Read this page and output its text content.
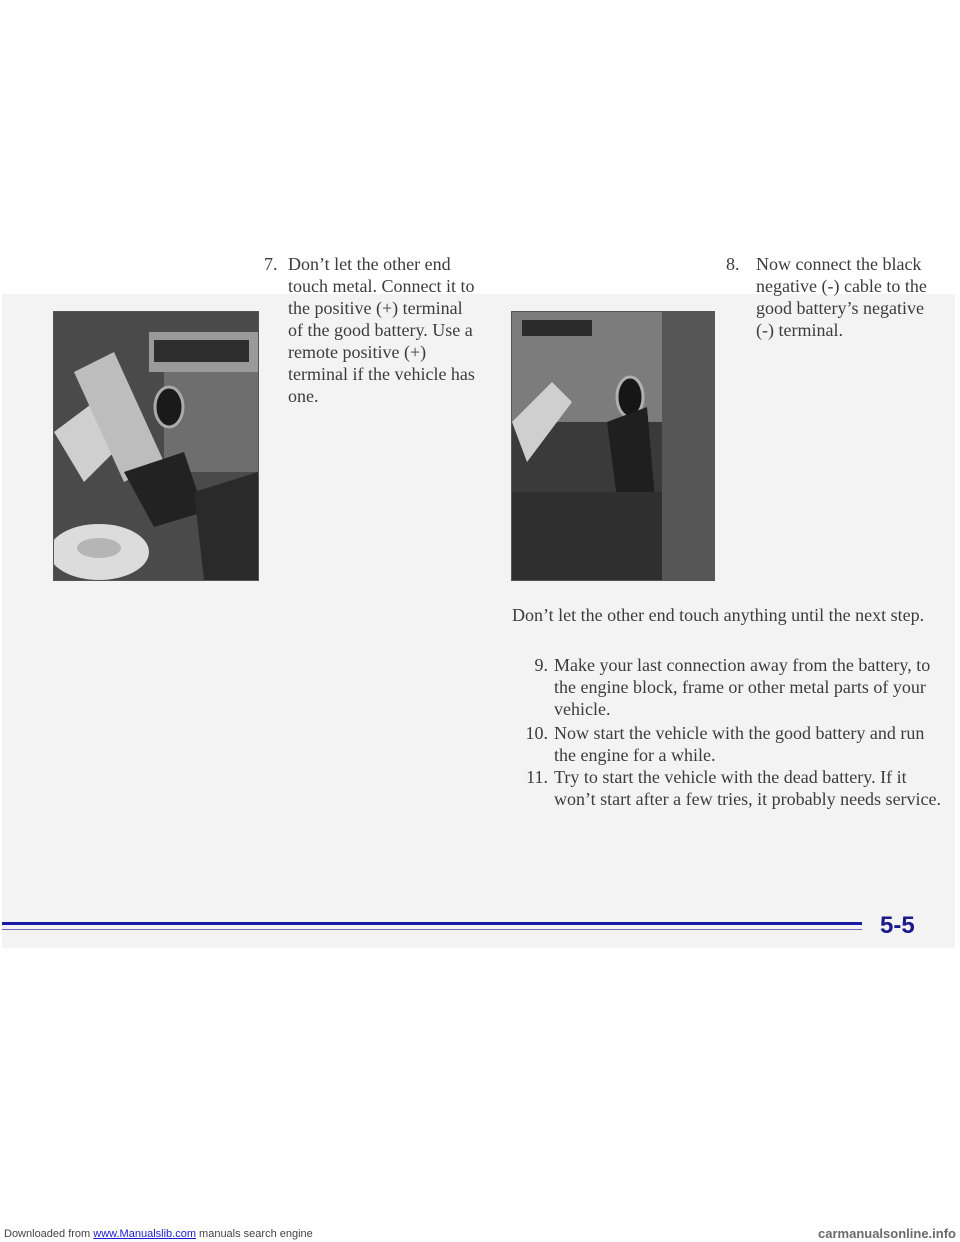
7. Don’t let the other end touch metal. Connect it to the positive (+) terminal of the good battery. Use a remote positive (+) terminal if the vehicle has one.
8. Now connect the black negative (-) cable to the good battery’s negative (-) terminal.
Don’t let the other end touch anything until the next step.
9. Make your last connection away from the battery, to the engine block, frame or other metal parts of your vehicle.
10. Now start the vehicle with the good battery and run the engine for a while.
11. Try to start the vehicle with the dead battery. If it won’t start after a few tries, it probably needs service.
5-5
Downloaded from www.Manualslib.com manuals search engine	carmanualsonline.info
